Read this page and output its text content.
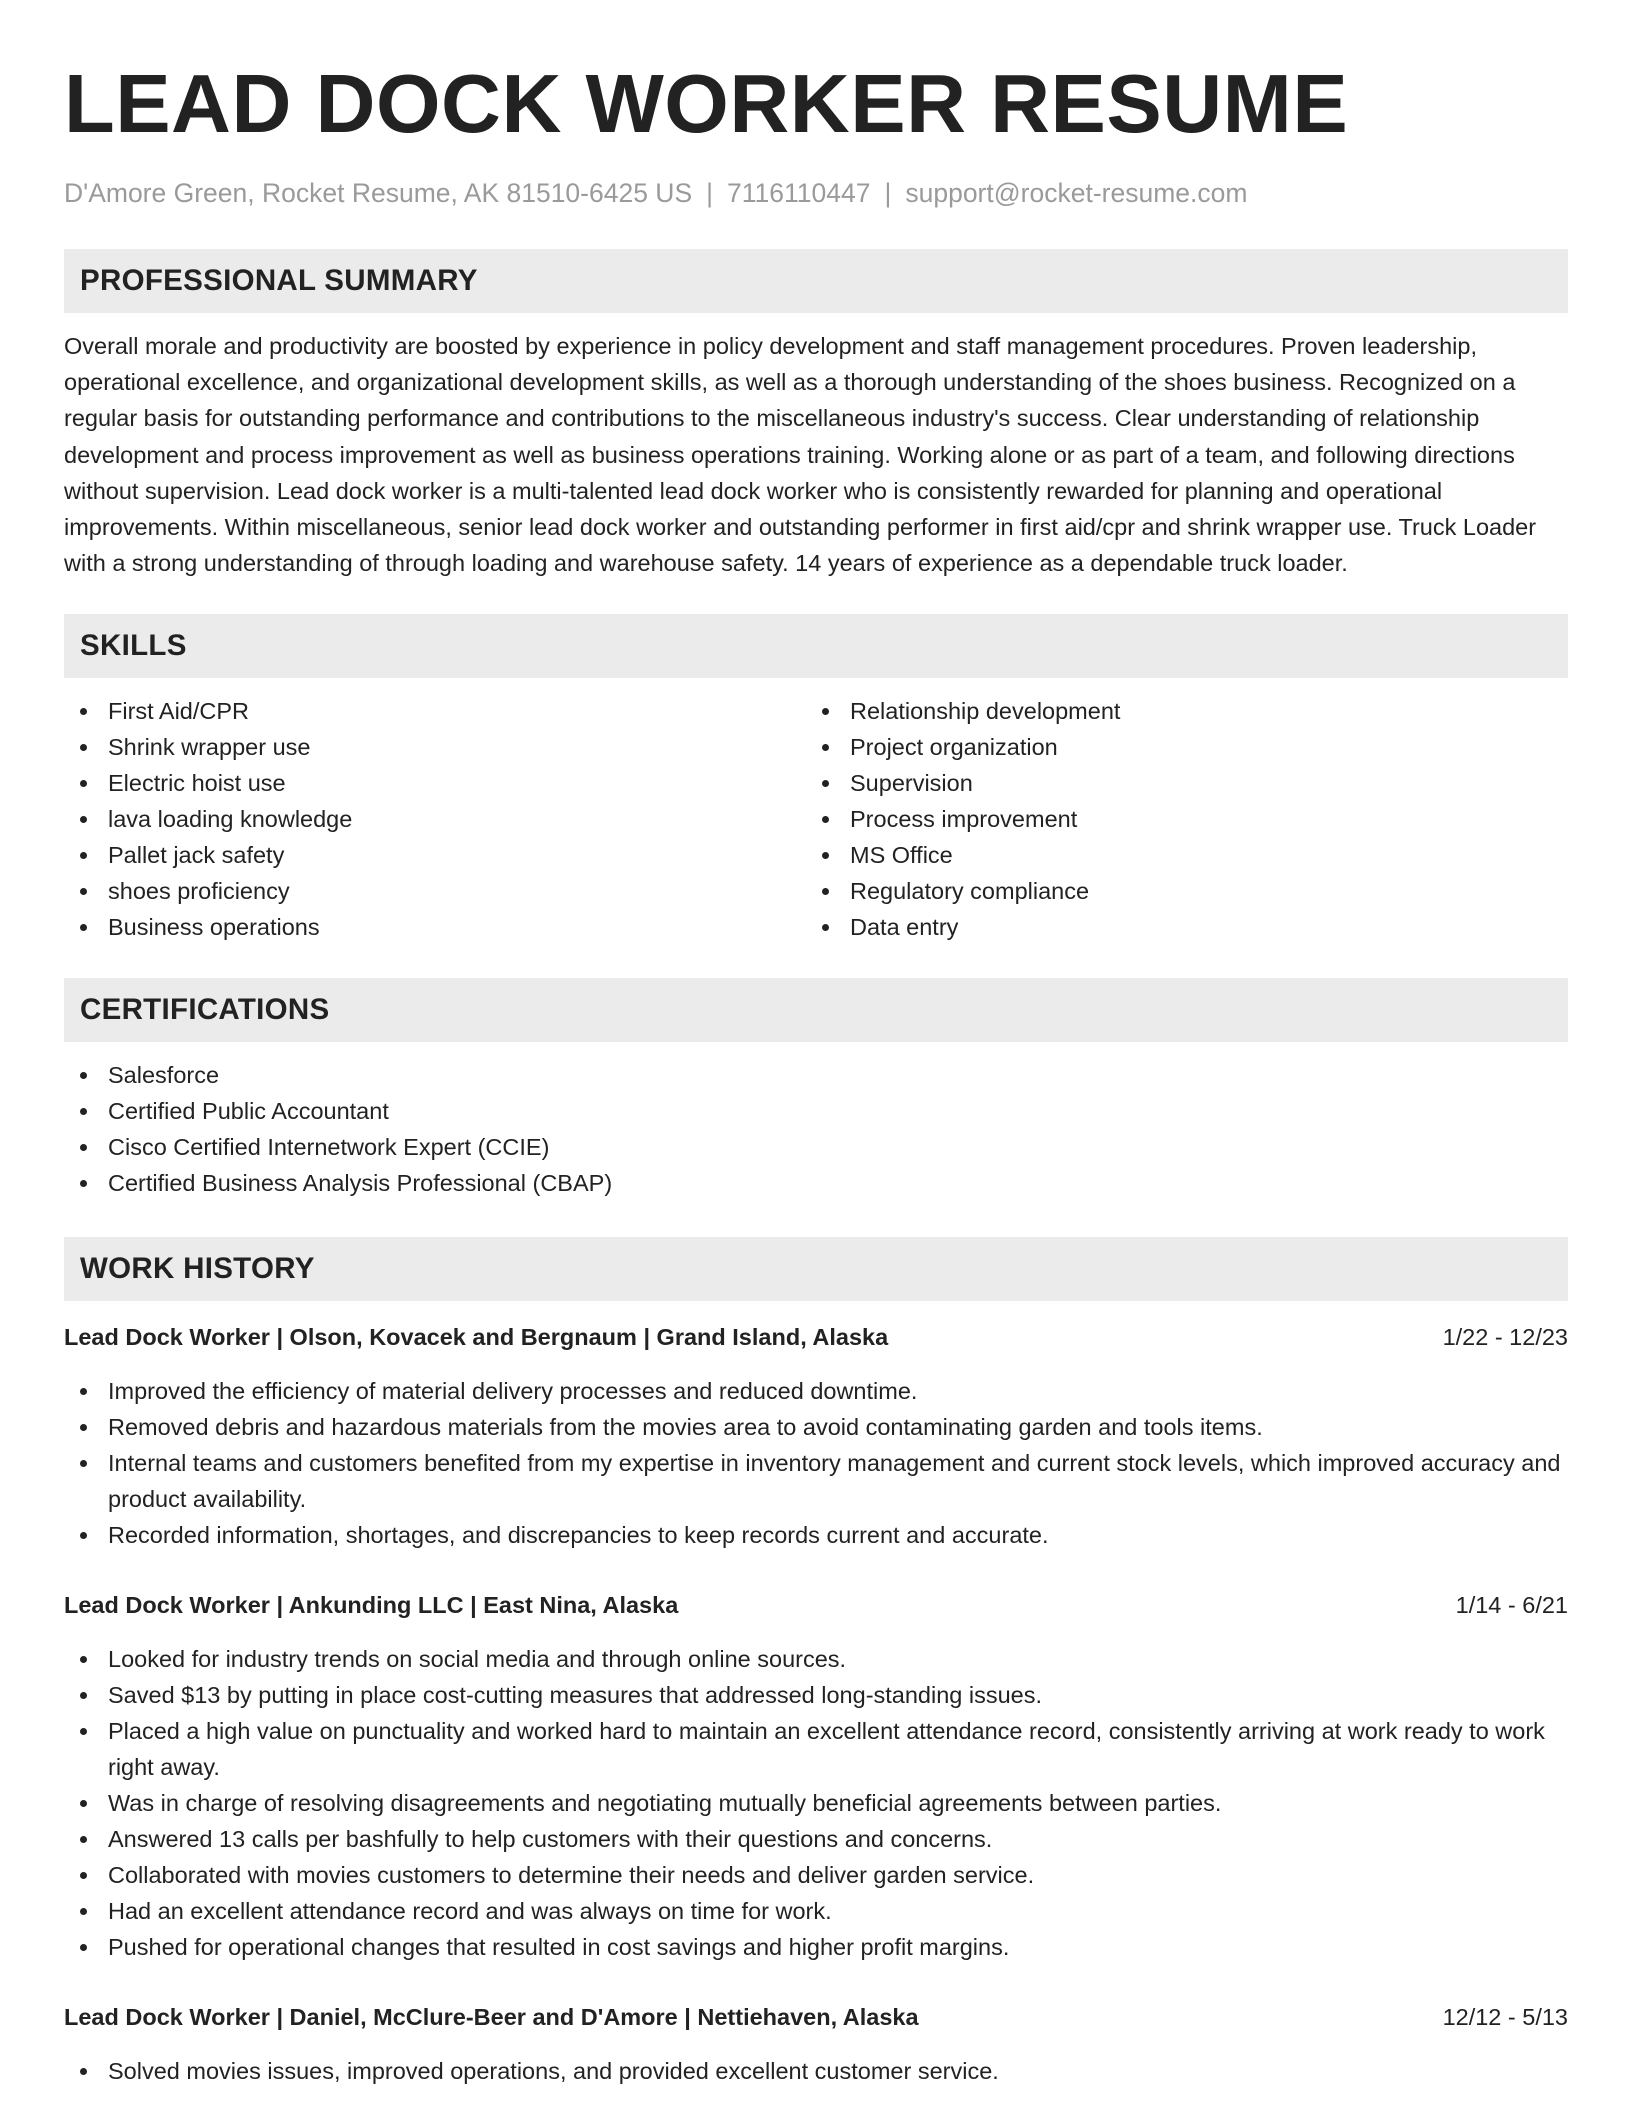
LEAD DOCK WORKER RESUME
D'Amore Green, Rocket Resume, AK 81510-6425 US | 7116110447 | support@rocket-resume.com
PROFESSIONAL SUMMARY
Overall morale and productivity are boosted by experience in policy development and staff management procedures. Proven leadership, operational excellence, and organizational development skills, as well as a thorough understanding of the shoes business. Recognized on a regular basis for outstanding performance and contributions to the miscellaneous industry's success. Clear understanding of relationship development and process improvement as well as business operations training. Working alone or as part of a team, and following directions without supervision. Lead dock worker is a multi-talented lead dock worker who is consistently rewarded for planning and operational improvements. Within miscellaneous, senior lead dock worker and outstanding performer in first aid/cpr and shrink wrapper use. Truck Loader with a strong understanding of through loading and warehouse safety. 14 years of experience as a dependable truck loader.
SKILLS
First Aid/CPR
Shrink wrapper use
Electric hoist use
lava loading knowledge
Pallet jack safety
shoes proficiency
Business operations
Relationship development
Project organization
Supervision
Process improvement
MS Office
Regulatory compliance
Data entry
CERTIFICATIONS
Salesforce
Certified Public Accountant
Cisco Certified Internetwork Expert (CCIE)
Certified Business Analysis Professional (CBAP)
WORK HISTORY
Lead Dock Worker | Olson, Kovacek and Bergnaum | Grand Island, Alaska	1/22 - 12/23
Improved the efficiency of material delivery processes and reduced downtime.
Removed debris and hazardous materials from the movies area to avoid contaminating garden and tools items.
Internal teams and customers benefited from my expertise in inventory management and current stock levels, which improved accuracy and product availability.
Recorded information, shortages, and discrepancies to keep records current and accurate.
Lead Dock Worker | Ankunding LLC | East Nina, Alaska	1/14 - 6/21
Looked for industry trends on social media and through online sources.
Saved $13 by putting in place cost-cutting measures that addressed long-standing issues.
Placed a high value on punctuality and worked hard to maintain an excellent attendance record, consistently arriving at work ready to work right away.
Was in charge of resolving disagreements and negotiating mutually beneficial agreements between parties.
Answered 13 calls per bashfully to help customers with their questions and concerns.
Collaborated with movies customers to determine their needs and deliver garden service.
Had an excellent attendance record and was always on time for work.
Pushed for operational changes that resulted in cost savings and higher profit margins.
Lead Dock Worker | Daniel, McClure-Beer and D'Amore | Nettiehaven, Alaska	12/12 - 5/13
Solved movies issues, improved operations, and provided excellent customer service.
